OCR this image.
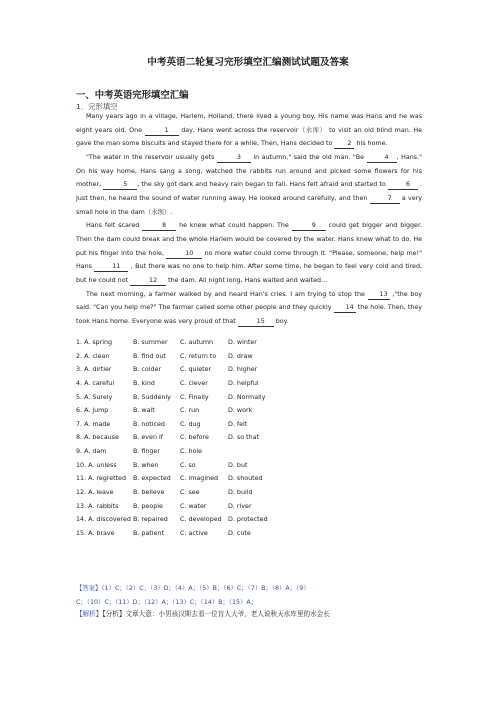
中考英语二轮复习完形填空汇编测试试题及答案
一、中考英语完形填空汇编
1．完形填空

Many years ago in a village, Harlem, Holland, there lived a young boy. His name was Hans and he was eight years old. One	1 day, Hans went across the reservoir（水库） to visit an old blind man. He gave the man some biscuits and stayed there for a while, Then, Hans decided to 2 his home.

"The water in the reservoir usually gets	3 in autumn," said the old man. "Be	4 , Hans." On his way home, Hans sang a song, watched the rabbits run around and picked some flowers for his mother,	5 , the sky got dark and heavy rain began to fall. Hans felt afraid and started to	6 . Just then, he heard the sound of water running away. He looked around carefully, and then	7 a very small hole in the dam（水坝）.

Hans felt scared	8 he knew what could happen. The	9 could get bigger and bigger. Then the dam could break and the whole Harlem would be covered by the water. Hans knew what to do. He put his finger into the hole,	10 no more water could come through it. "Please, someone, help me!" Hans	11 , But there was no one to help him. After some time, he began to feel very cold and tired, but he could not	12 the dam. All night long, Hans waited and waited...

The next morning, a farmer walked by and heard Han's cries. I am trying to stop the 13 ,"the boy said. "Can you help me?" The farmer called some other people and they quickly 14 the hole. Then, they took Hans home. Everyone was very proud of that	15 boy.

1. A. spring	B. summer C. autumn D. winter
2. A. clean	B. find out C. return to D. draw
3. A. dirtier	B. colder	C. quieter	D. higher
4. A. careful	B. kind	C. clever	D. helpful
5. A. Surely	B. Suddenly C. Finally	D. Normally
6. A. jump	B. wait	C. run	D. work
7. A. made	B. noticed C. dug	D. felt
8. A. because B. even if	C. before	D. so that
9. A. dam	B. finger	C. hole
10. A. unless	B. when	C. so	D. but
11. A. regretted B. expected C. imagined D. shouted
12. A. leave	B. believe C. see	D. build
13. A. rabbits B. people	C. water	D. river
14. A. discovered B. repaired C. developed D. protected
15. A. brave	B. patient	C. active	D. cute
【答案】（1）C；（2）C；（3）D；（4）A；（5）B；（6）C；（7）B；（8）A；（9）
C；（10）C；（11）D；（12）A；（13）C；（14）B；（15）A；
【解析】【分析】文章大意：小男孩汉斯去看一位盲人大爷，老人说秋天水库里的水会长
